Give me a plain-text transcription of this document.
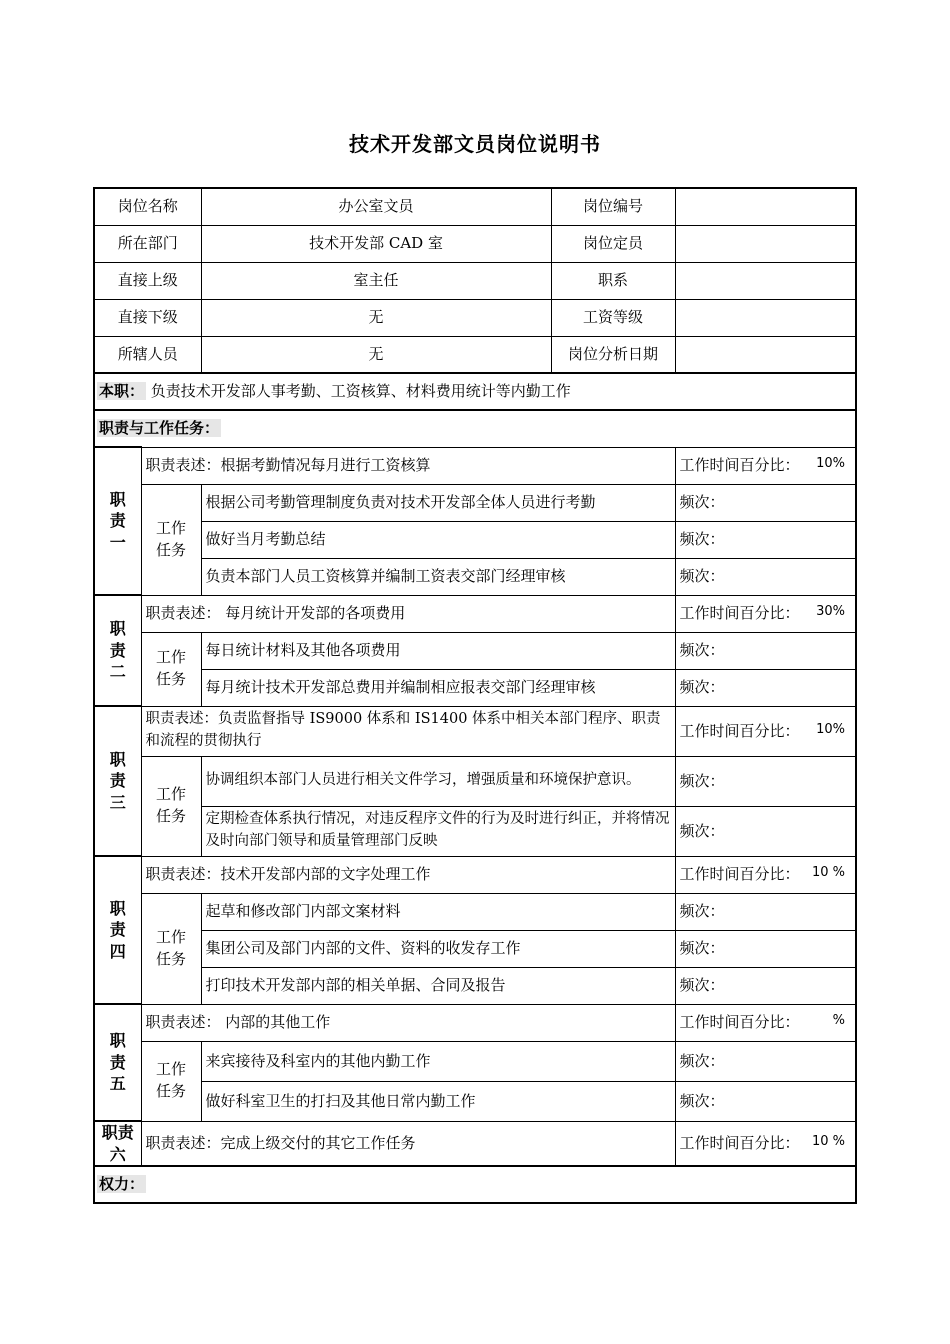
技术开发部文员岗位说明书
岗位名称		办公室文员	岗位编号	
所在部门		技术开发部 CAD 室	岗位定员	
直接上级		室主任	职系	
直接下级		无	工资等级	
所辖人员		无	岗位分析日期	
本职： 负责技术开发部人事考勤、工资核算、材料费用统计等内勤工作				
职责与工作任务：				

职
责
一	职责表述：根据考勤情况每月进行工资核算			工作时间百分比： 10%

	工作
任务	根据公司考勤管理制度负责对技术开发部全体人员进行考勤		频次：
		做好当月考勤总结		频次：
		负责本部门人员工资核算并编制工资表交部门经理审核		频次：

职
责
二	职责表述： 每月统计开发部的各项费用			工作时间百分比： 30%

	工作
任务	每日统计材料及其他各项费用		频次：
		每月统计技术开发部总费用并编制相应报表交部门经理审核		频次：

职
责
三	职责表述：负责监督指导 IS9000 体系和 IS1400 体系中相关本部门程序、职责和流程的贯彻执行			工作时间百分比： 10%

	工作
任务	协调组织本部门人员进行相关文件学习，增强质量和环境保护意识。		频次：
		定期检查体系执行情况，对违反程序文件的行为及时进行纠正，并将情况及时向部门领导和质量管理部门反映		频次：

职
责
四	职责表述：技术开发部内部的文字处理工作			工作时间百分比： 10 %

	工作
任务	起草和修改部门内部文案材料		频次：
		集团公司及部门内部的文件、资料的收发存工作		频次：
		打印技术开发部内部的相关单据、合同及报告		频次：

职
责
五	职责表述： 内部的其他工作			工作时间百分比： %

	工作
任务	来宾接待及科室内的其他内勤工作		频次：
		做好科室卫生的打扫及其他日常内勤工作		频次：

职责
六	职责表述：完成上级交付的其它工作任务			工作时间百分比： 10 %

权力：				
